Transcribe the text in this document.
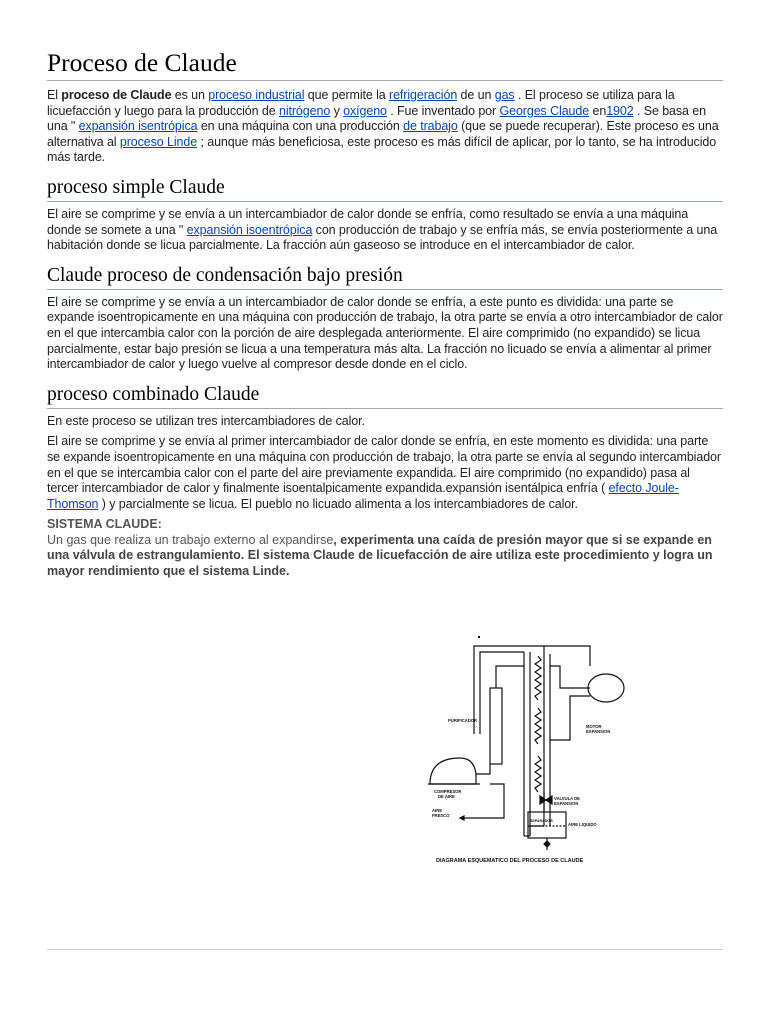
Proceso de Claude

El proceso de Claude es un proceso industrial que permite la refrigeración de un gas . El proceso se utiliza para la licuefacción y luego para la producción de nitrógeno y oxígeno . Fue inventado por Georges Claude en1902 . Se basa en una " expansión isentrópica en una máquina con una producción de trabajo (que se puede recuperar). Este proceso es una alternativa al proceso Linde ; aunque más beneficiosa, este proceso es más difícil de aplicar, por lo tanto, se ha introducido más tarde.

proceso simple Claude

El aire se comprime y se envía a un intercambiador de calor donde se enfría, como resultado se envía a una máquina donde se somete a una " expansión isoentrópica con producción de trabajo y se enfría más, se envía posteriormente a una habitación donde se licua parcialmente. La fracción aún gaseoso se introduce en el intercambiador de calor.

Claude proceso de condensación bajo presión

El aire se comprime y se envía a un intercambiador de calor donde se enfría, a este punto es dividida: una parte se expande isoentropicamente en una máquina con producción de trabajo, la otra parte se envía a otro intercambiador de calor en el que intercambia calor con la porción de aire desplegada anteriormente. El aire comprimido (no expandido) se licua parcialmente, estar bajo presión se licua a una temperatura más alta. La fracción no licuado se envía a alimentar al primer intercambiador de calor y luego vuelve al compresor desde donde en el ciclo.

proceso combinado Claude

En este proceso se utilizan tres intercambiadores de calor.

El aire se comprime y se envía al primer intercambiador de calor donde se enfría, en este momento es dividida: una parte se expande isoentropicamente en una máquina con producción de trabajo, la otra parte se envía al segundo intercambiador en el que se intercambia calor con el parte del aire previamente expandida. El aire comprimido (no expandido) pasa al tercer intercambiador de calor y finalmente isoentalpicamente expandida.expansión isentálpica enfría ( efecto Joule-Thomson ) y parcialmente se licua. El pueblo no licuado alimenta a los intercambiadores de calor.

SISTEMA CLAUDE:
Un gas que realiza un trabajo externo al expandirse, experimenta una caída de presión mayor que si se expande en una válvula de estrangulamiento. El sistema Claude de licuefacción de aire utiliza este procedimiento y logra un mayor rendimiento que el sistema Linde.
PURIFICADOR
MOTOR
EXPANSION
COMPRESOR
DE AIRE
AIRE
FRESCO
VALVULA DE
EXPANSION
SEPARADOR
AIRE LIQUIDO
DIAGRAMA ESQUEMATICO DEL PROCESO DE CLAUDE
